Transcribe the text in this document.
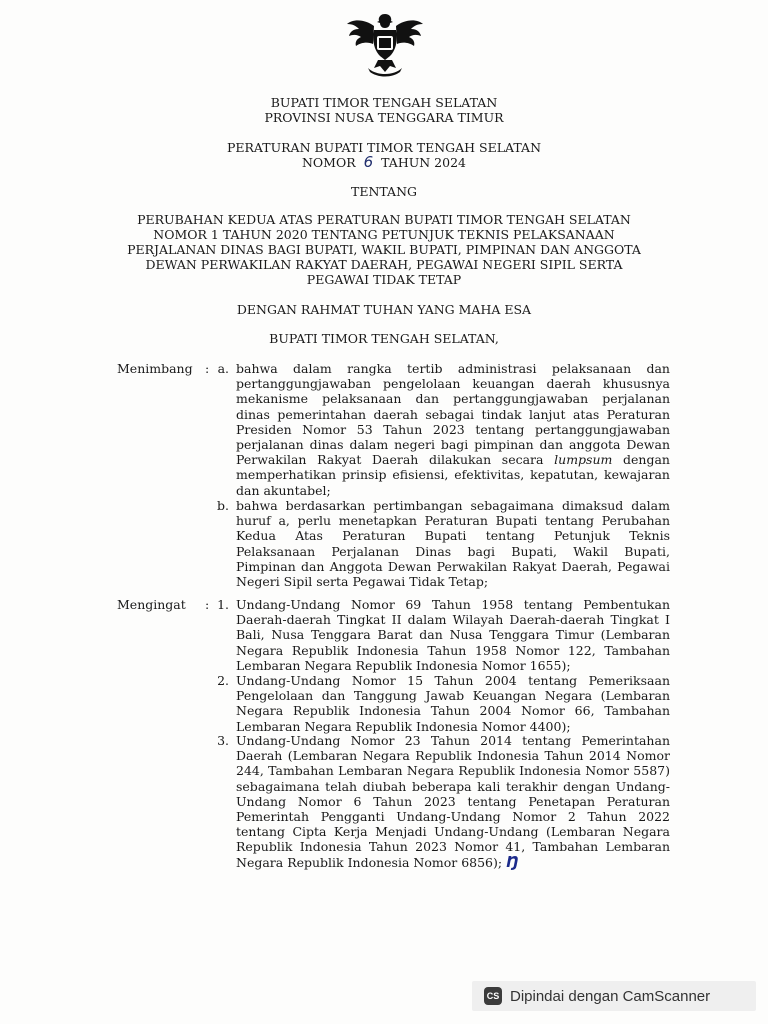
BUPATI TIMOR TENGAH SELATAN
PROVINSI NUSA TENGGARA TIMUR
PERATURAN BUPATI TIMOR TENGAH SELATAN
NOMOR 6 TAHUN 2024
TENTANG
PERUBAHAN KEDUA ATAS PERATURAN BUPATI TIMOR TENGAH SELATAN
NOMOR 1 TAHUN 2020 TENTANG PETUNJUK TEKNIS PELAKSANAAN
PERJALANAN DINAS BAGI BUPATI, WAKIL BUPATI, PIMPINAN DAN ANGGOTA
DEWAN PERWAKILAN RAKYAT DAERAH, PEGAWAI NEGERI SIPIL SERTA
PEGAWAI TIDAK TETAP
DENGAN RAHMAT TUHAN YANG MAHA ESA
BUPATI TIMOR TENGAH SELATAN,
Menimbang : a. bahwa dalam rangka tertib administrasi pelaksanaan dan
pertanggungjawaban pengelolaan keuangan daerah khususnya
mekanisme pelaksanaan dan pertanggungjawaban perjalanan
dinas pemerintahan daerah sebagai tindak lanjut atas Peraturan
Presiden Nomor 53 Tahun 2023 tentang pertanggungjawaban
perjalanan dinas dalam negeri bagi pimpinan dan anggota Dewan
Perwakilan Rakyat Daerah dilakukan secara lumpsum dengan
memperhatikan prinsip efisiensi, efektivitas, kepatutan, kewajaran
dan akuntabel;
b. bahwa berdasarkan pertimbangan sebagaimana dimaksud dalam
huruf a, perlu menetapkan Peraturan Bupati tentang Perubahan
Kedua Atas Peraturan Bupati tentang Petunjuk Teknis
Pelaksanaan Perjalanan Dinas bagi Bupati, Wakil Bupati,
Pimpinan dan Anggota Dewan Perwakilan Rakyat Daerah, Pegawai
Negeri Sipil serta Pegawai Tidak Tetap;
Mengingat : 1. Undang-Undang Nomor 69 Tahun 1958 tentang Pembentukan
Daerah-daerah Tingkat II dalam Wilayah Daerah-daerah Tingkat I
Bali, Nusa Tenggara Barat dan Nusa Tenggara Timur (Lembaran
Negara Republik Indonesia Tahun 1958 Nomor 122, Tambahan
Lembaran Negara Republik Indonesia Nomor 1655);
2. Undang-Undang Nomor 15 Tahun 2004 tentang Pemeriksaan
Pengelolaan dan Tanggung Jawab Keuangan Negara (Lembaran
Negara Republik Indonesia Tahun 2004 Nomor 66, Tambahan
Lembaran Negara Republik Indonesia Nomor 4400);
3. Undang-Undang Nomor 23 Tahun 2014 tentang Pemerintahan
Daerah (Lembaran Negara Republik Indonesia Tahun 2014 Nomor
244, Tambahan Lembaran Negara Republik Indonesia Nomor 5587)
sebagaimana telah diubah beberapa kali terakhir dengan Undang-
Undang Nomor 6 Tahun 2023 tentang Penetapan Peraturan
Pemerintah Pengganti Undang-Undang Nomor 2 Tahun 2022
tentang Cipta Kerja Menjadi Undang-Undang (Lembaran Negara
Republik Indonesia Tahun 2023 Nomor 41, Tambahan Lembaran
Negara Republik Indonesia Nomor 6856); Ŋ
CS Dipindai dengan CamScanner
